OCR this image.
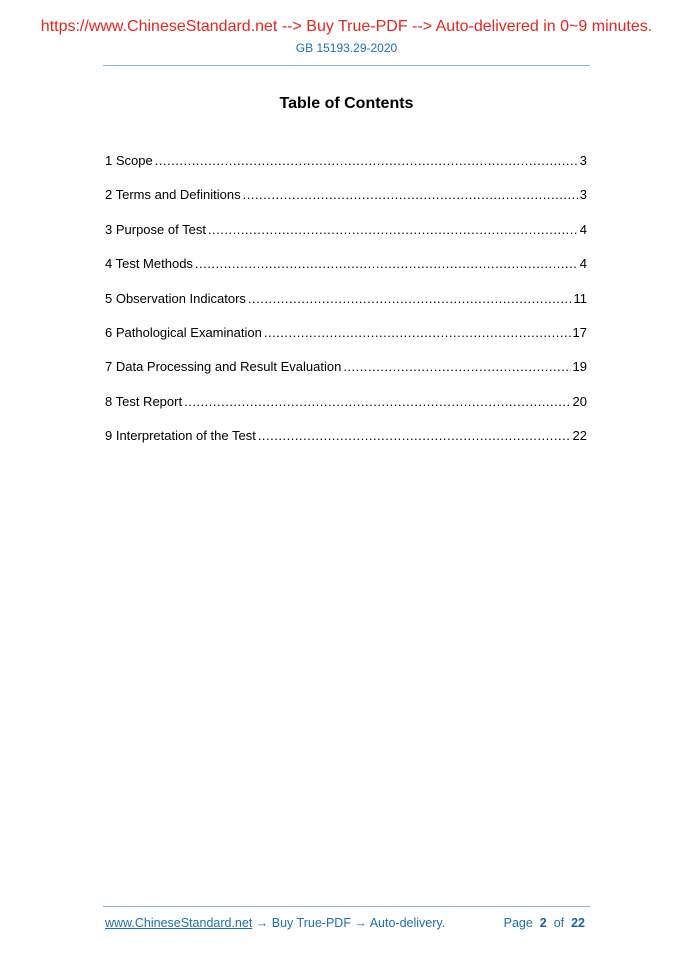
https://www.ChineseStandard.net --> Buy True-PDF --> Auto-delivered in 0~9 minutes.
GB 15193.29-2020
Table of Contents
1 Scope .....	3
2 Terms and Definitions .....	3
3 Purpose of Test .....	4
4 Test Methods .....	4
5 Observation Indicators .....	11
6 Pathological Examination .....	17
7 Data Processing and Result Evaluation .....	19
8 Test Report .....	20
9 Interpretation of the Test .....	22
www.ChineseStandard.net → Buy True-PDF → Auto-delivery.	Page 2 of 22
